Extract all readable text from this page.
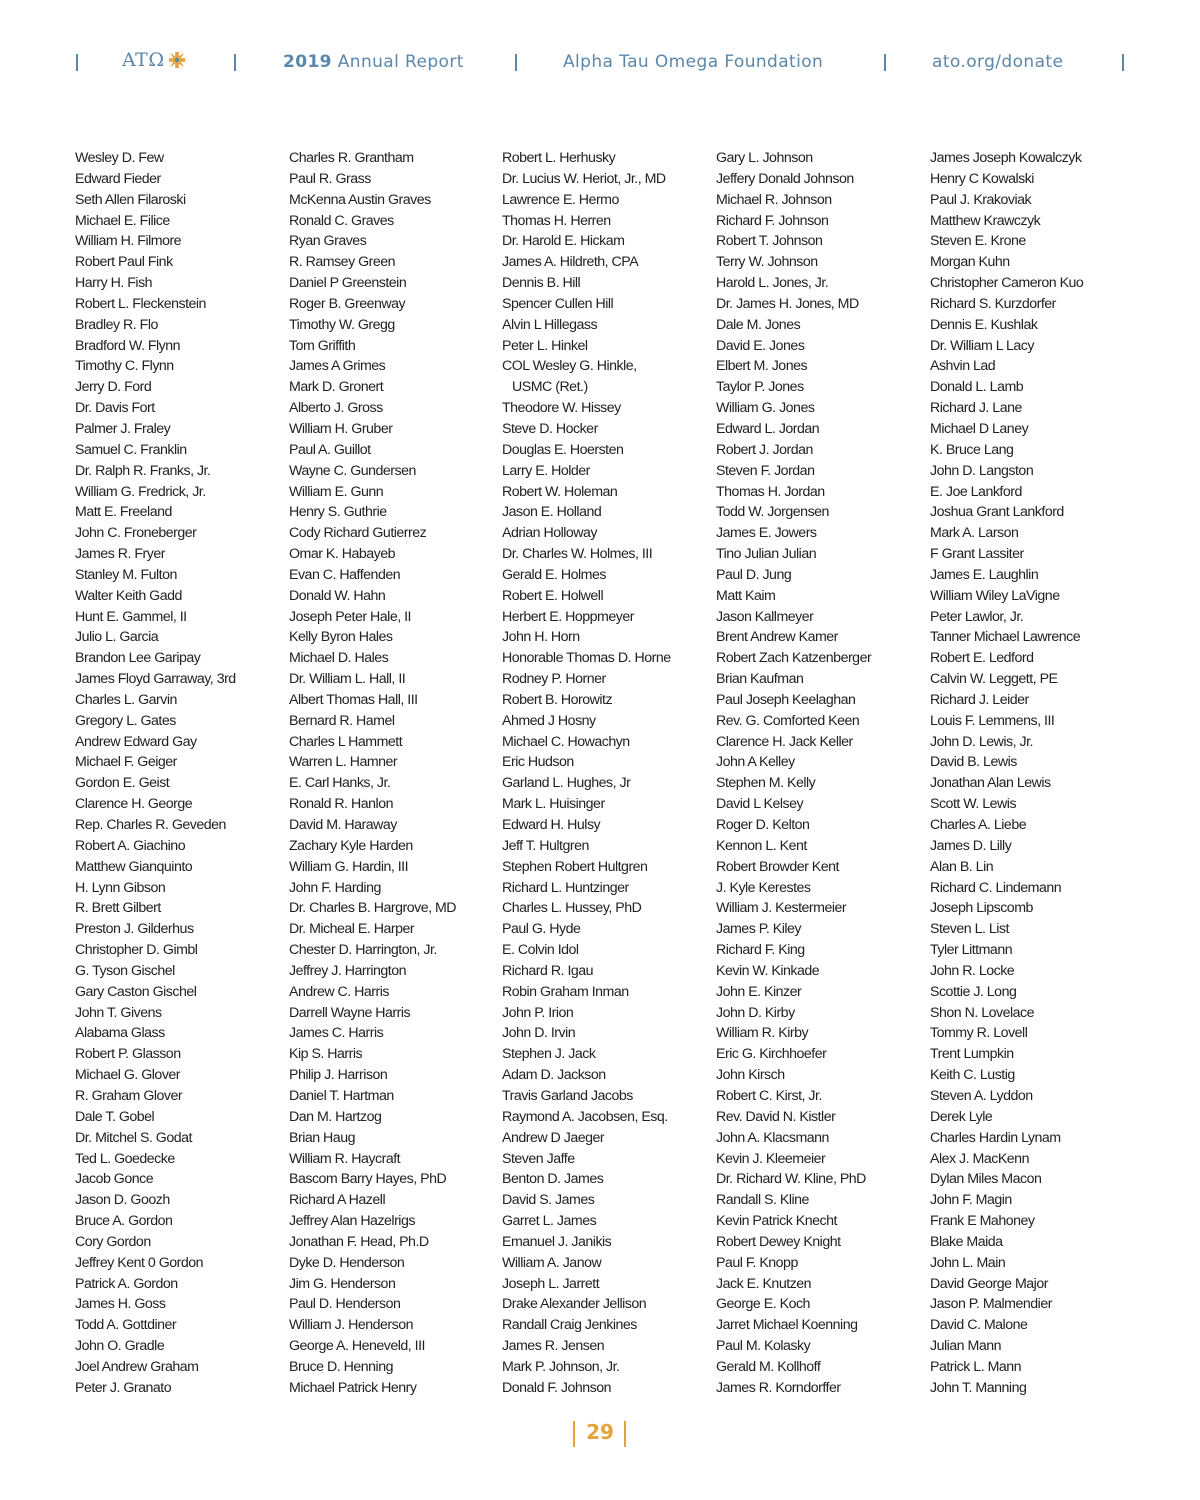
ATΩ	2019 Annual Report	Alpha Tau Omega Foundation	ato.org/donate
Wesley D. Few
Edward Fieder
Seth Allen Filaroski
Michael E. Filice
William H. Filmore
Robert Paul Fink
Harry H. Fish
Robert L. Fleckenstein
Bradley R. Flo
Bradford W. Flynn
Timothy C. Flynn
Jerry D. Ford
Dr. Davis Fort
Palmer J. Fraley
Samuel C. Franklin
Dr. Ralph R. Franks, Jr.
William G. Fredrick, Jr.
Matt E. Freeland
John C. Froneberger
James R. Fryer
Stanley M. Fulton
Walter Keith Gadd
Hunt E. Gammel, II
Julio L. Garcia
Brandon Lee Garipay
James Floyd Garraway, 3rd
Charles L. Garvin
Gregory L. Gates
Andrew Edward Gay
Michael F. Geiger
Gordon E. Geist
Clarence H. George
Rep. Charles R. Geveden
Robert A. Giachino
Matthew Gianquinto
H. Lynn Gibson
R. Brett Gilbert
Preston J. Gilderhus
Christopher D. Gimbl
G. Tyson Gischel
Gary Caston Gischel
John T. Givens
Alabama Glass
Robert P. Glasson
Michael G. Glover
R. Graham Glover
Dale T. Gobel
Dr. Mitchel S. Godat
Ted L. Goedecke
Jacob Gonce
Jason D. Goozh
Bruce A. Gordon
Cory Gordon
Jeffrey Kent 0 Gordon
Patrick A. Gordon
James H. Goss
Todd A. Gottdiner
John O. Gradle
Joel Andrew Graham
Peter J. Granato
Charles R. Grantham
Paul R. Grass
McKenna Austin Graves
Ronald C. Graves
Ryan Graves
R. Ramsey Green
Daniel P Greenstein
Roger B. Greenway
Timothy W. Gregg
Tom Griffith
James A Grimes
Mark D. Gronert
Alberto J. Gross
William H. Gruber
Paul A. Guillot
Wayne C. Gundersen
William E. Gunn
Henry S. Guthrie
Cody Richard Gutierrez
Omar K. Habayeb
Evan C. Haffenden
Donald W. Hahn
Joseph Peter Hale, II
Kelly Byron Hales
Michael D. Hales
Dr. William L. Hall, II
Albert Thomas Hall, III
Bernard R. Hamel
Charles L Hammett
Warren L. Hamner
E. Carl Hanks, Jr.
Ronald R. Hanlon
David M. Haraway
Zachary Kyle Harden
William G. Hardin, III
John F. Harding
Dr. Charles B. Hargrove, MD
Dr. Micheal E. Harper
Chester D. Harrington, Jr.
Jeffrey J. Harrington
Andrew C. Harris
Darrell Wayne Harris
James C. Harris
Kip S. Harris
Philip J. Harrison
Daniel T. Hartman
Dan M. Hartzog
Brian Haug
William R. Haycraft
Bascom Barry Hayes, PhD
Richard A Hazell
Jeffrey Alan Hazelrigs
Jonathan F. Head, Ph.D
Dyke D. Henderson
Jim G. Henderson
Paul D. Henderson
William J. Henderson
George A. Heneveld, III
Bruce D. Henning
Michael Patrick Henry
Robert L. Herhusky
Dr. Lucius W. Heriot, Jr., MD
Lawrence E. Hermo
Thomas H. Herren
Dr. Harold E. Hickam
James A. Hildreth, CPA
Dennis B. Hill
Spencer Cullen Hill
Alvin L Hillegass
Peter L. Hinkel
COL Wesley G. Hinkle,
USMC (Ret.)
Theodore W. Hissey
Steve D. Hocker
Douglas E. Hoersten
Larry E. Holder
Robert W. Holeman
Jason E. Holland
Adrian Holloway
Dr. Charles W. Holmes, III
Gerald E. Holmes
Robert E. Holwell
Herbert E. Hoppmeyer
John H. Horn
Honorable Thomas D. Horne
Rodney P. Horner
Robert B. Horowitz
Ahmed J Hosny
Michael C. Howachyn
Eric Hudson
Garland L. Hughes, Jr
Mark L. Huisinger
Edward H. Hulsy
Jeff T. Hultgren
Stephen Robert Hultgren
Richard L. Huntzinger
Charles L. Hussey, PhD
Paul G. Hyde
E. Colvin Idol
Richard R. Igau
Robin Graham Inman
John P. Irion
John D. Irvin
Stephen J. Jack
Adam D. Jackson
Travis Garland Jacobs
Raymond A. Jacobsen, Esq.
Andrew D Jaeger
Steven Jaffe
Benton D. James
David S. James
Garret L. James
Emanuel J. Janikis
William A. Janow
Joseph L. Jarrett
Drake Alexander Jellison
Randall Craig Jenkines
James R. Jensen
Mark P. Johnson, Jr.
Donald F. Johnson
Gary L. Johnson
Jeffery Donald Johnson
Michael R. Johnson
Richard F. Johnson
Robert T. Johnson
Terry W. Johnson
Harold L. Jones, Jr.
Dr. James H. Jones, MD
Dale M. Jones
David E. Jones
Elbert M. Jones
Taylor P. Jones
William G. Jones
Edward L. Jordan
Robert J. Jordan
Steven F. Jordan
Thomas H. Jordan
Todd W. Jorgensen
James E. Jowers
Tino Julian Julian
Paul D. Jung
Matt Kaim
Jason Kallmeyer
Brent Andrew Kamer
Robert Zach Katzenberger
Brian Kaufman
Paul Joseph Keelaghan
Rev. G. Comforted Keen
Clarence H. Jack Keller
John A Kelley
Stephen M. Kelly
David L Kelsey
Roger D. Kelton
Kennon L. Kent
Robert Browder Kent
J. Kyle Kerestes
William J. Kestermeier
James P. Kiley
Richard F. King
Kevin W. Kinkade
John E. Kinzer
John D. Kirby
William R. Kirby
Eric G. Kirchhoefer
John Kirsch
Robert C. Kirst, Jr.
Rev. David N. Kistler
John A. Klacsmann
Kevin J. Kleemeier
Dr. Richard W. Kline, PhD
Randall S. Kline
Kevin Patrick Knecht
Robert Dewey Knight
Paul F. Knopp
Jack E. Knutzen
George E. Koch
Jarret Michael Koenning
Paul M. Kolasky
Gerald M. Kollhoff
James R. Korndorffer
James Joseph Kowalczyk
Henry C Kowalski
Paul J. Krakoviak
Matthew Krawczyk
Steven E. Krone
Morgan Kuhn
Christopher Cameron Kuo
Richard S. Kurzdorfer
Dennis E. Kushlak
Dr. William L Lacy
Ashvin Lad
Donald L. Lamb
Richard J. Lane
Michael D Laney
K. Bruce Lang
John D. Langston
E. Joe Lankford
Joshua Grant Lankford
Mark A. Larson
F Grant Lassiter
James E. Laughlin
William Wiley LaVigne
Peter Lawlor, Jr.
Tanner Michael Lawrence
Robert E. Ledford
Calvin W. Leggett, PE
Richard J. Leider
Louis F. Lemmens, III
John D. Lewis, Jr.
David B. Lewis
Jonathan Alan Lewis
Scott W. Lewis
Charles A. Liebe
James D. Lilly
Alan B. Lin
Richard C. Lindemann
Joseph Lipscomb
Steven L. List
Tyler Littmann
John R. Locke
Scottie J. Long
Shon N. Lovelace
Tommy R. Lovell
Trent Lumpkin
Keith C. Lustig
Steven A. Lyddon
Derek Lyle
Charles Hardin Lynam
Alex J. MacKenn
Dylan Miles Macon
John F. Magin
Frank E Mahoney
Blake Maida
John L. Main
David George Major
Jason P. Malmendier
David C. Malone
Julian Mann
Patrick L. Mann
John T. Manning
29
